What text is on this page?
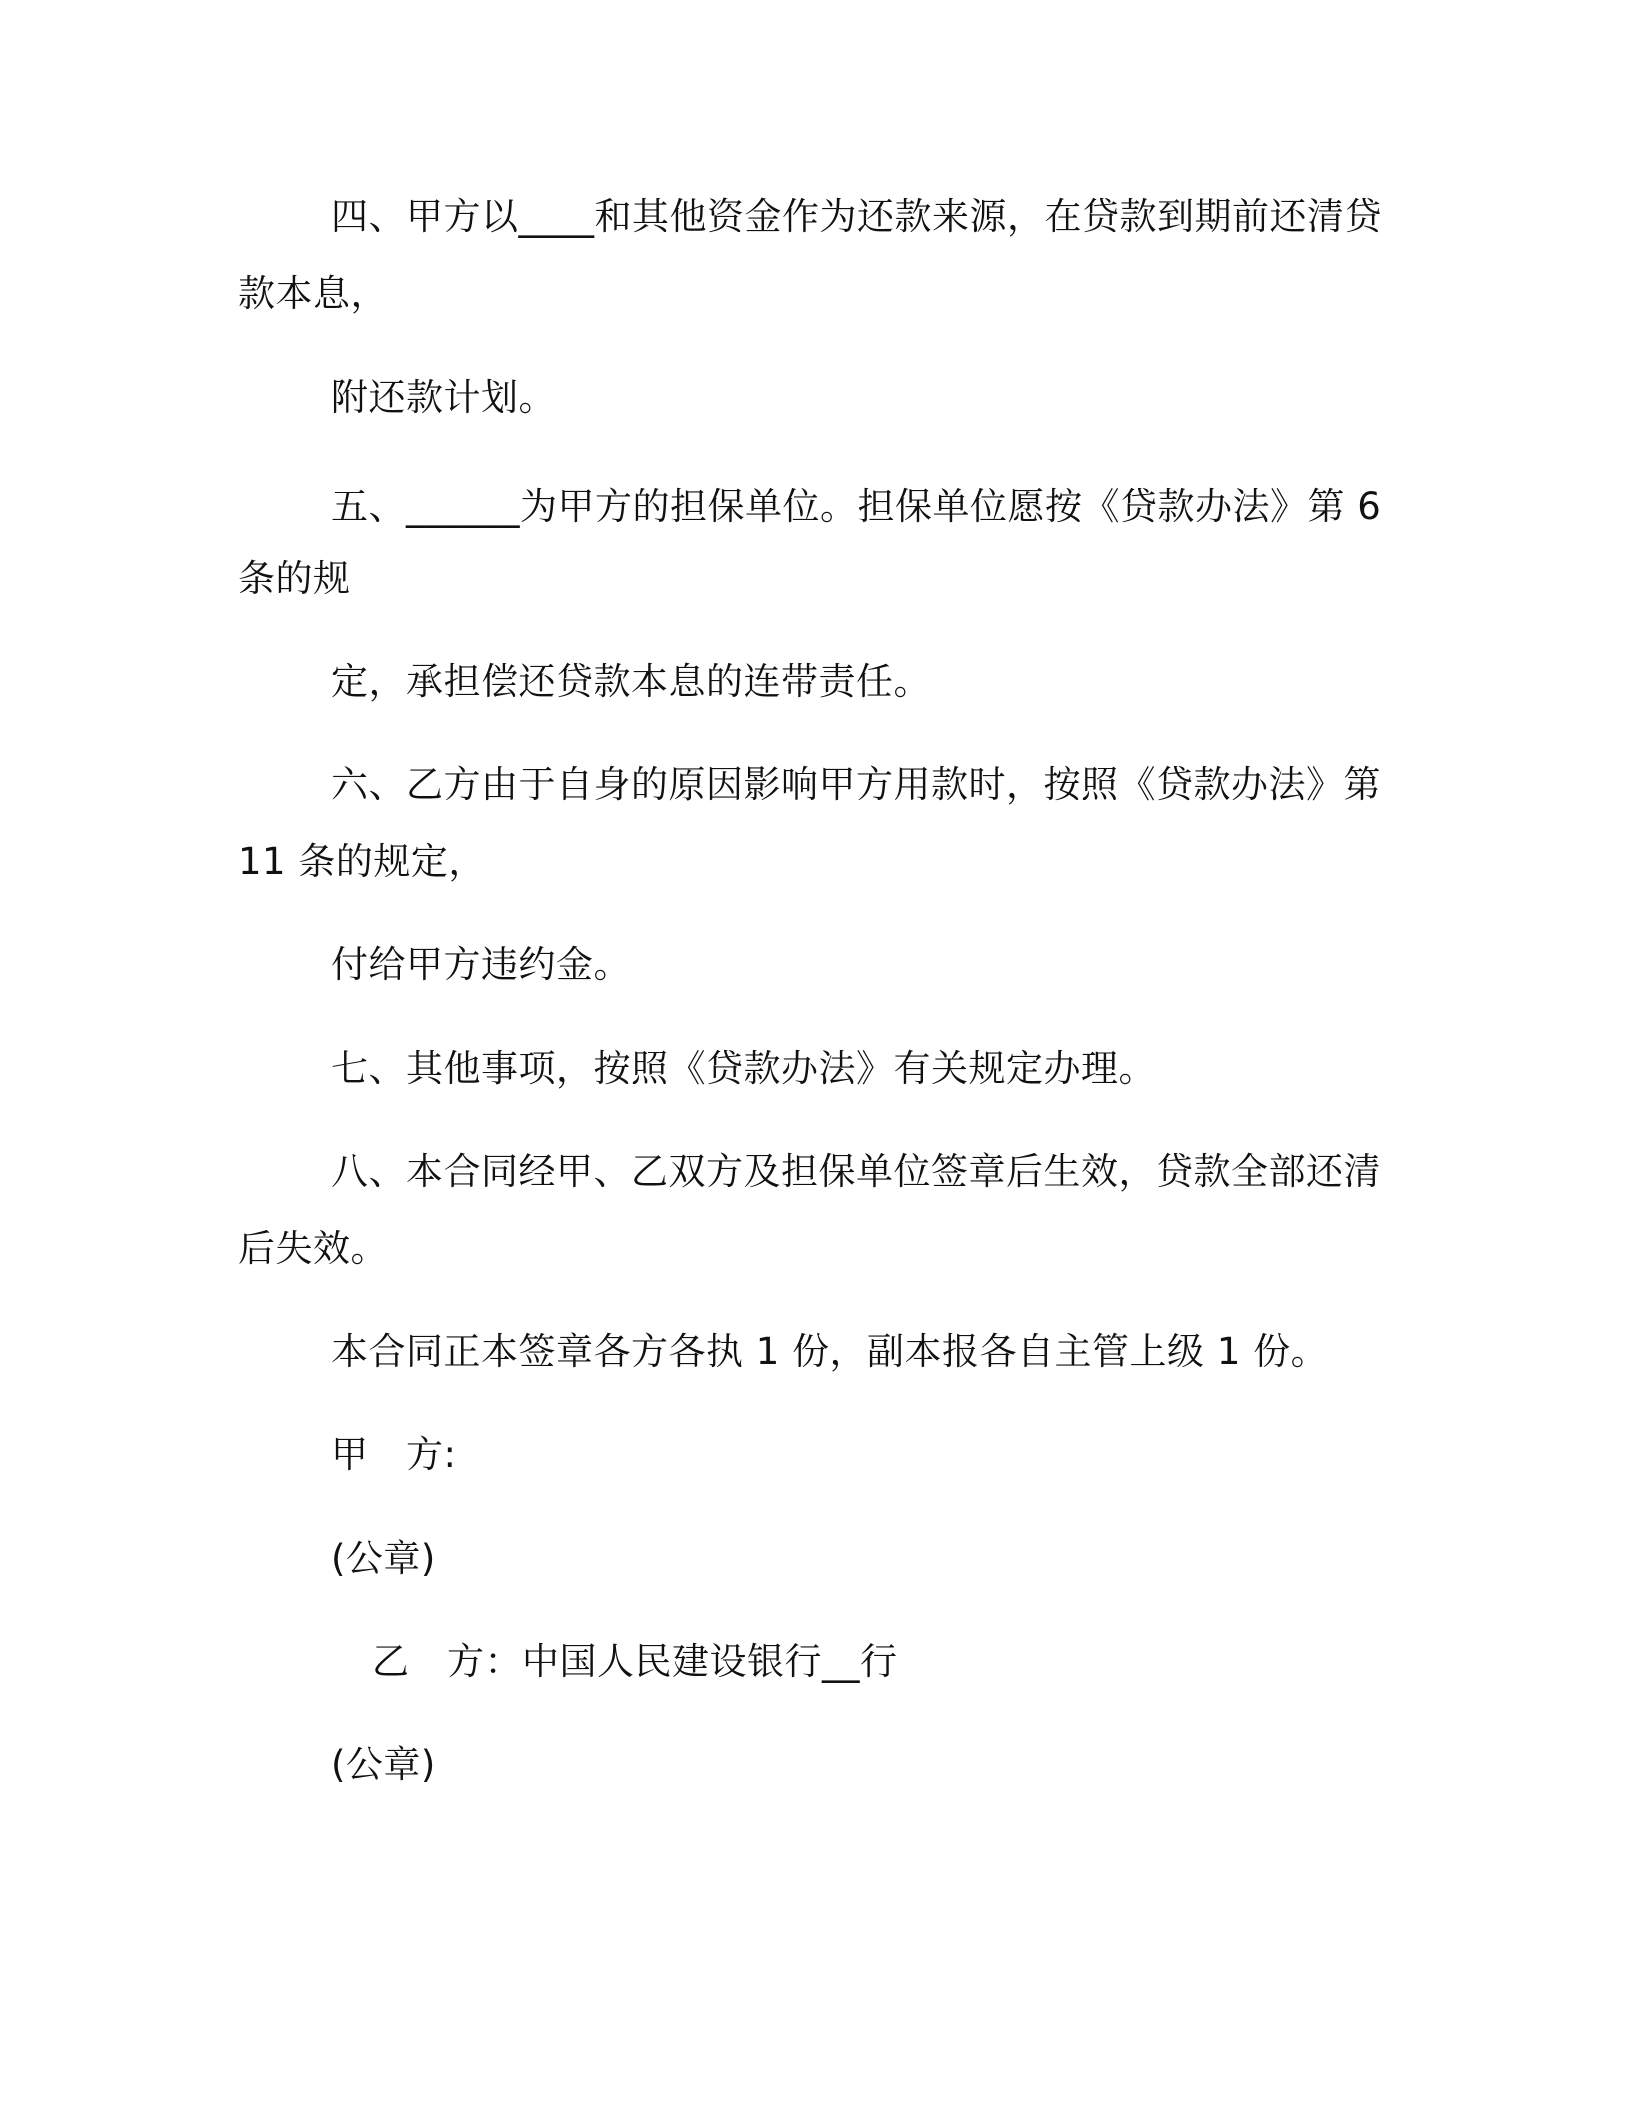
四、甲方以____和其他资金作为还款来源，在贷款到期前还清贷
款本息，
附还款计划。
五、______为甲方的担保单位。担保单位愿按《贷款办法》第 6
条的规
定，承担偿还贷款本息的连带责任。
六、乙方由于自身的原因影响甲方用款时，按照《贷款办法》第
11 条的规定，
付给甲方违约金。
七、其他事项，按照《贷款办法》有关规定办理。
八、本合同经甲、乙双方及担保单位签章后生效，贷款全部还清
后失效。
本合同正本签章各方各执 1 份，副本报各自主管上级 1 份。
甲　方:
(公章)
乙　方：中国人民建设银行__行
(公章)
